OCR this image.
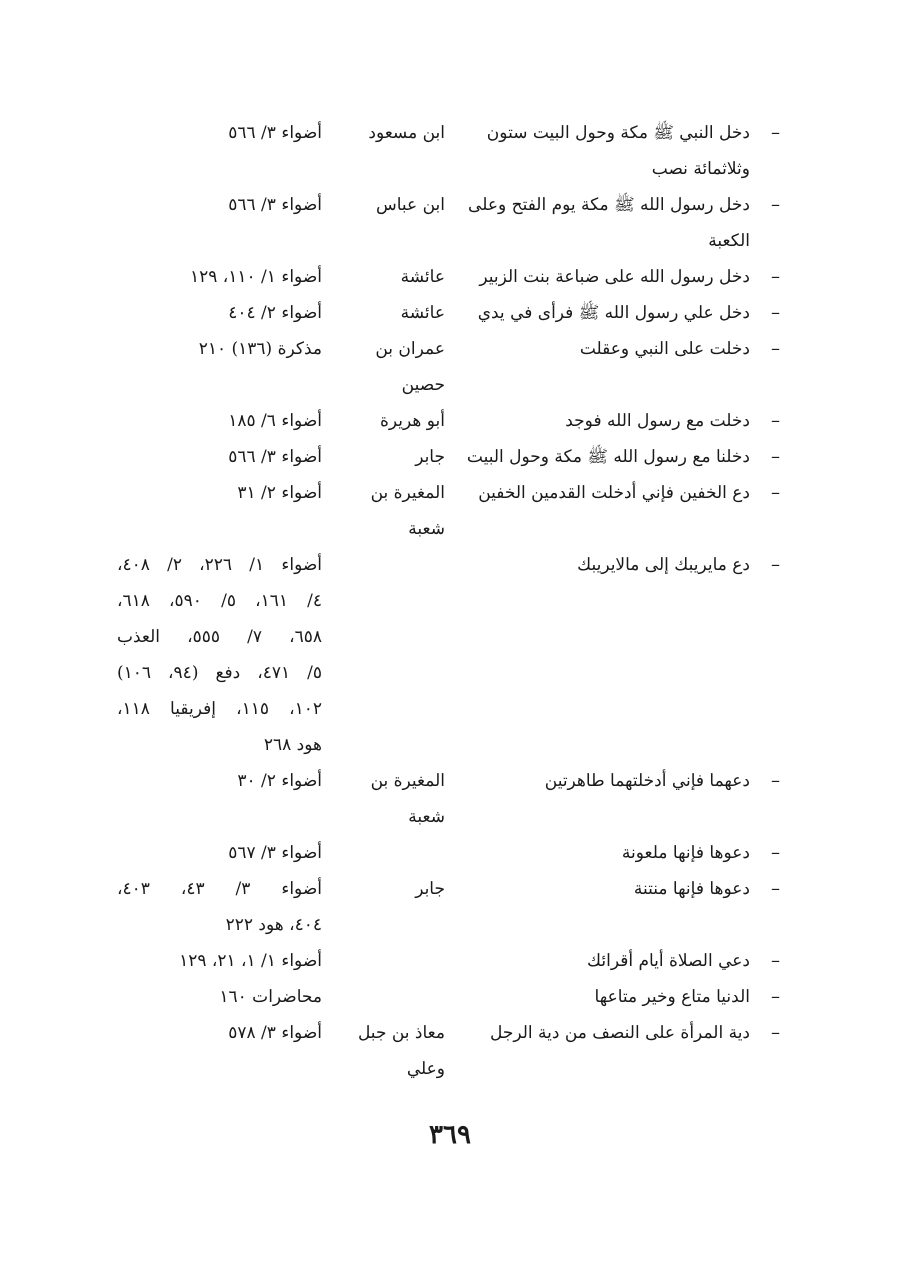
–
دخل النبي ﷺ مكة وحول البيت ستون
ابن مسعود
أضواء ٣/ ٥٦٦
وثلاثمائة نصب
–
دخل رسول الله ﷺ مكة يوم الفتح وعلى
ابن عباس
أضواء ٣/ ٥٦٦
الكعبة
–
دخل رسول الله على ضباعة بنت الزبير
عائشة
أضواء ١/ ١١٠، ١٢٩
–
دخل علي رسول الله ﷺ فرأى في يدي
عائشة
أضواء ٢/ ٤٠٤
–
دخلت على النبي وعقلت
عمران بن
مذكرة (١٣٦) ٢١٠
حصين
–
دخلت مع رسول الله فوجد
أبو هريرة
أضواء ٦/ ١٨٥
–
دخلنا مع رسول الله ﷺ مكة وحول البيت
جابر
أضواء ٣/ ٥٦٦
–
دع الخفين فإني أدخلت القدمين الخفين
المغيرة بن
أضواء ٢/ ٣١
شعبة
–
دع مايريبك إلى مالايريبك
أضواء ١/ ٢٢٦، ٢/ ٤٠٨،
٤/ ١٦١، ٥/ ٥٩٠، ٦١٨،
٦٥٨، ٧/ ٥٥٥، العذب
٥/ ٤٧١، دفع (٩٤، ١٠٦)
١٠٢، ١١٥، إفريقيا ١١٨،
هود ٢٦٨
–
دعهما فإني أدخلتهما طاهرتين
المغيرة بن
أضواء ٢/ ٣٠
شعبة
–
دعوها فإنها ملعونة
أضواء ٣/ ٥٦٧
–
دعوها فإنها منتنة
جابر
أضواء ٣/ ٤٣، ٤٠٣،
٤٠٤، هود ٢٢٢
–
دعي الصلاة أيام أقرائك
أضواء ١/ ١، ٢١، ١٢٩
–
الدنيا متاع وخير متاعها
محاضرات ١٦٠
–
دية المرأة على النصف من دية الرجل
معاذ بن جبل
أضواء ٣/ ٥٧٨
وعلي
٣٦٩
